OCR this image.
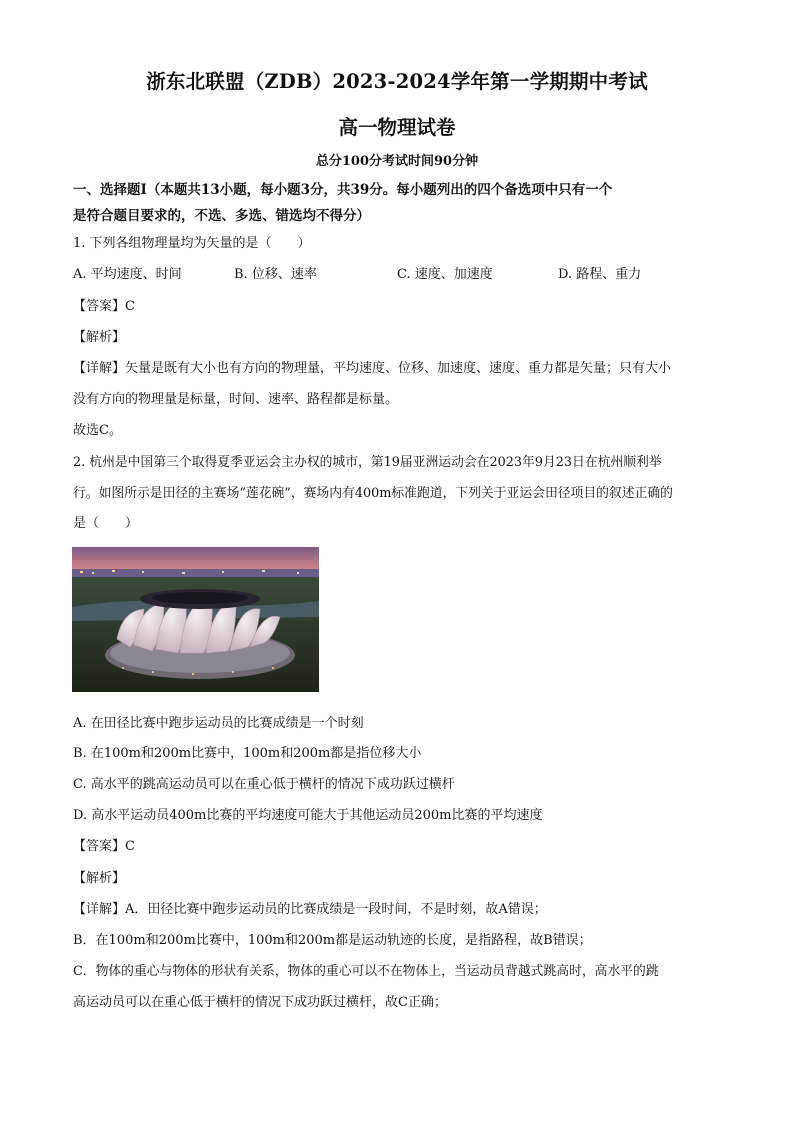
浙东北联盟（ZDB）2023-2024学年第一学期期中考试
高一物理试卷
总分100分考试时间90分钟
一、选择题Ⅰ（本题共13小题，每小题3分，共39分。每小题列出的四个备选项中只有一个
是符合题目要求的，不选、多选、错选均不得分）
1. 下列各组物理量均为矢量的是（　　）
A. 平均速度、时间	B. 位移、速率	C. 速度、加速度	D. 路程、重力
【答案】C
【解析】
【详解】矢量是既有大小也有方向的物理量，平均速度、位移、加速度、速度、重力都是矢量；只有大小
没有方向的物理量是标量，时间、速率、路程都是标量。
故选C。
2. 杭州是中国第三个取得夏季亚运会主办权的城市，第19届亚洲运动会在2023年9月23日在杭州顺利举
行。如图所示是田径的主赛场“莲花碗”，赛场内有400m标准跑道，下列关于亚运会田径项目的叙述正确的
是（　　）
A. 在田径比赛中跑步运动员的比赛成绩是一个时刻
B. 在100m和200m比赛中，100m和200m都是指位移大小
C. 高水平的跳高运动员可以在重心低于横杆的情况下成功跃过横杆
D. 高水平运动员400m比赛的平均速度可能大于其他运动员200m比赛的平均速度
【答案】C
【解析】
【详解】A．田径比赛中跑步运动员的比赛成绩是一段时间，不是时刻，故A错误；
B．在100m和200m比赛中，100m和200m都是运动轨迹的长度，是指路程，故B错误；
C．物体的重心与物体的形状有关系，物体的重心可以不在物体上，当运动员背越式跳高时，高水平的跳
高运动员可以在重心低于横杆的情况下成功跃过横杆，故C正确；
